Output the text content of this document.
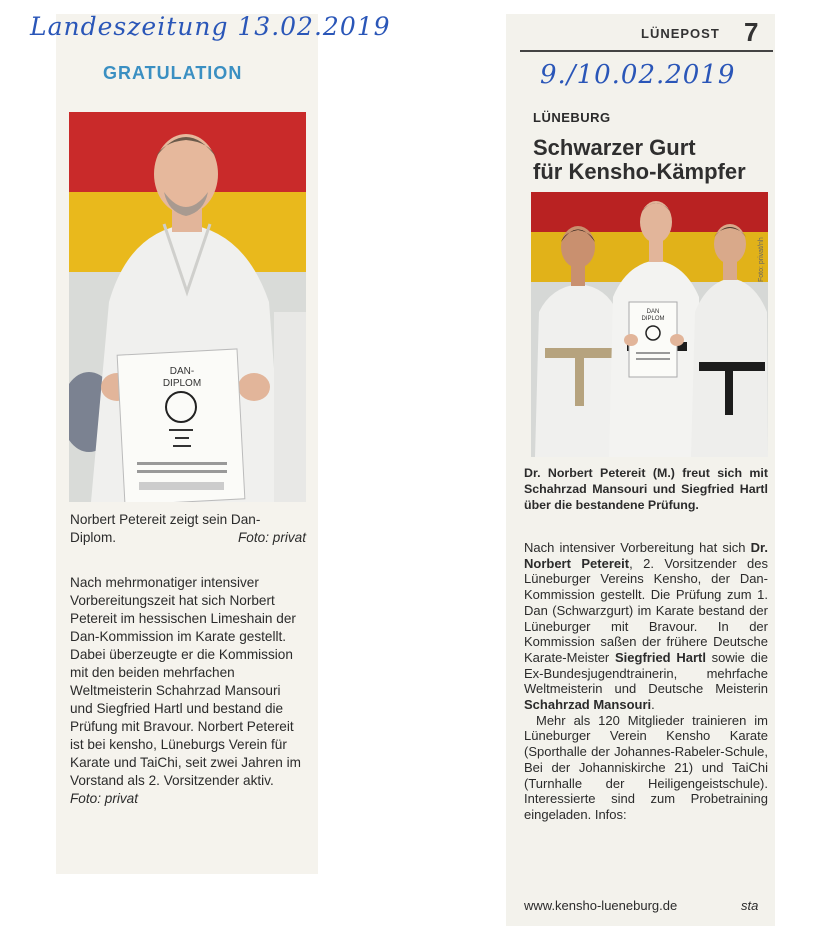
Landeszeitung 13.02.2019
GRATULATION
DAN-
DIPLOM
Norbert Petereit zeigt sein Dan-Diplom.	Foto: privat

Nach mehrmonatiger intensiver Vorbereitungszeit hat sich Norbert Petereit im hessischen Limeshain der Dan-Kommission im Karate gestellt. Dabei überzeugte er die Kommission mit den beiden mehrfachen Weltmeisterin Schahrzad Mansouri und Siegfried Hartl und bestand die Prüfung mit Bravour. Norbert Petereit ist bei kensho, Lüneburgs Verein für Karate und TaiChi, seit zwei Jahren im Vorstand als 2. Vorsitzender aktiv. Foto: privat

LÜNEPOST 7
9./10.02.2019
LÜNEBURG
Schwarzer Gurt
für Kensho-Kämpfer
DAN
DIPLOM
Foto: privat/nh
Dr. Norbert Petereit (M.) freut sich mit Schahrzad Mansouri und Siegfried Hartl über die bestandene Prüfung.

Nach intensiver Vorbereitung hat sich Dr. Norbert Petereit, 2. Vorsitzender des Lüneburger Vereins Kensho, der Dan-Kommission gestellt. Die Prüfung zum 1. Dan (Schwarzgurt) im Karate bestand der Lüneburger mit Bravour. In der Kommission saßen der frühere Deutsche Karate-Meister Siegfried Hartl sowie die Ex-Bundesjugendtrainerin, mehrfache Weltmeisterin und Deutsche Meisterin Schahrzad Mansouri.

Mehr als 120 Mitglieder trainieren im Lüneburger Verein Kensho Karate (Sporthalle der Johannes-Rabeler-Schule, Bei der Johanniskirche 21) und TaiChi (Turnhalle der Heiligengeistschule). Interessierte sind zum Probetraining eingeladen. Infos:

www.kensho-lueneburg.de	sta
